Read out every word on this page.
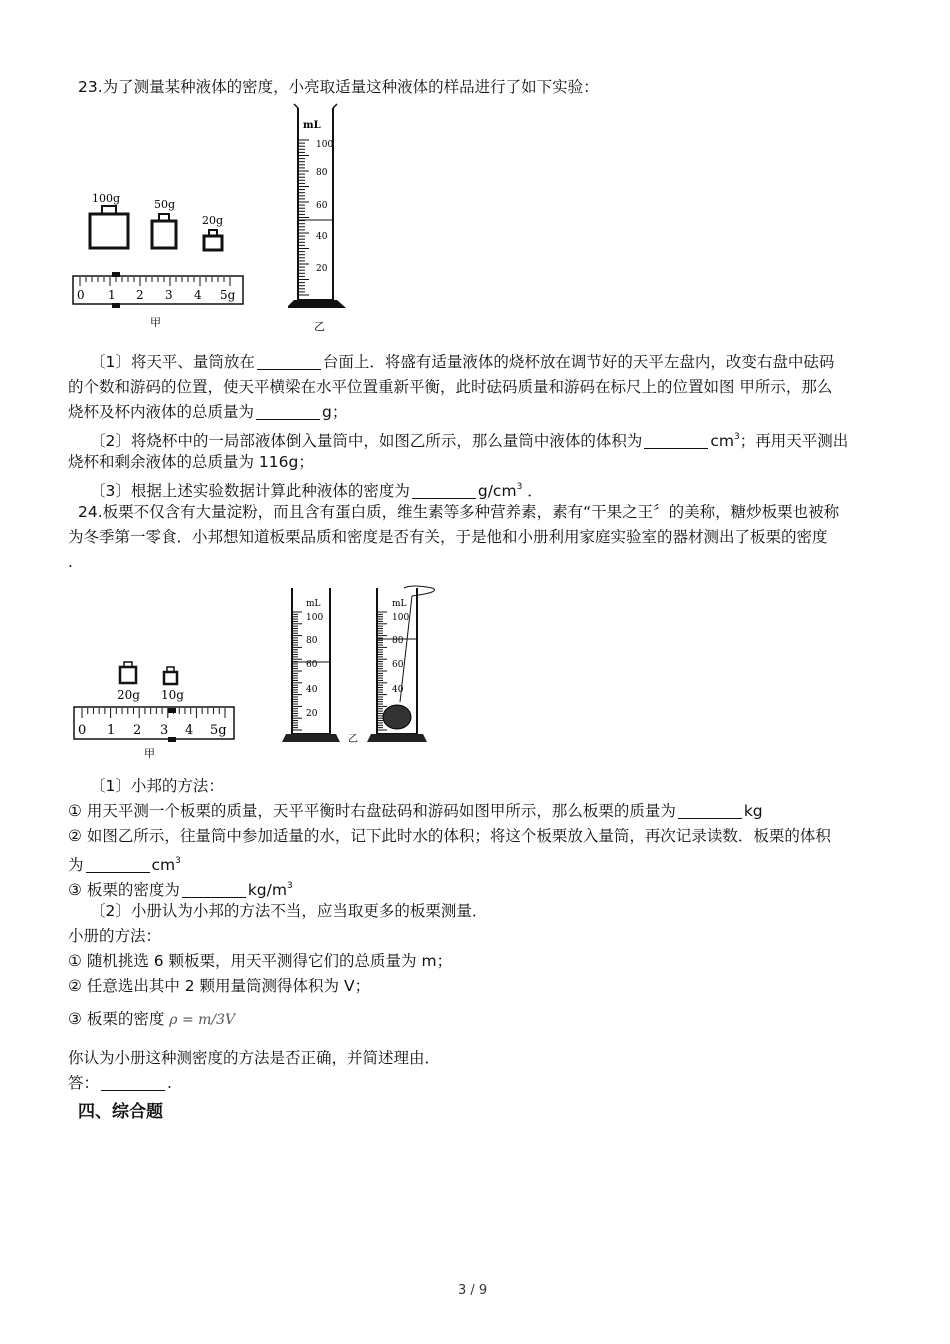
23.为了测量某种液体的密度，小亮取适量这种液体的样品进行了如下实验：
100g	50g
20g
0 1 2 3 4 5g
甲
mL
100
80
60
40
20
乙
〔1〕将天平、量筒放在	台面上．将盛有适量液体的烧杯放在调节好的天平左盘内，改变右盘中砝码
的个数和游码的位置，使天平横梁在水平位置重新平衡，此时砝码质量和游码在标尺上的位置如图 甲所示，那么
烧杯及杯内液体的总质量为	g；
〔2〕将烧杯中的一局部液体倒入量筒中，如图乙所示，那么量筒中液体的体积为	$cm^3$；再用天平测出
烧杯和剩余液体的总质量为 116g；
〔3〕根据上述实验数据计算此种液体的密度为	$g/cm^3$ ．
24.板栗不仅含有大量淀粉，而且含有蛋白质，维生素等多种营养素，素有“干果之王〞的美称，糖炒板栗也被称
为冬季第一零食．小邦想知道板栗品质和密度是否有关，于是他和小册利用家庭实验室的器材测出了板栗的密度
.
20g 10g
0 1 2 3 4 5g
甲
mL
100
80
60
40
20
乙
mL
100
80
60
40
〔1〕小邦的方法：
① 用天平测一个板栗的质量，天平平衡时右盘砝码和游码如图甲所示，那么板栗的质量为	kg
② 如图乙所示，往量筒中参加适量的水，记下此时水的体积；将这个板栗放入量筒，再次记录读数．板栗的体积
为	$cm^3$
③ 板栗的密度为	$kg/m^3$
〔2〕小册认为小邦的方法不当，应当取更多的板栗测量．
小册的方法：
① 随机挑选 6 颗板栗，用天平测得它们的总质量为 m；
② 任意选出其中 2 颗用量筒测得体积为 V；
③ 板栗的密度 ρ = m/3V
你认为小册这种测密度的方法是否正确，并简述理由．
答：	.
四、综合题
3 / 9
